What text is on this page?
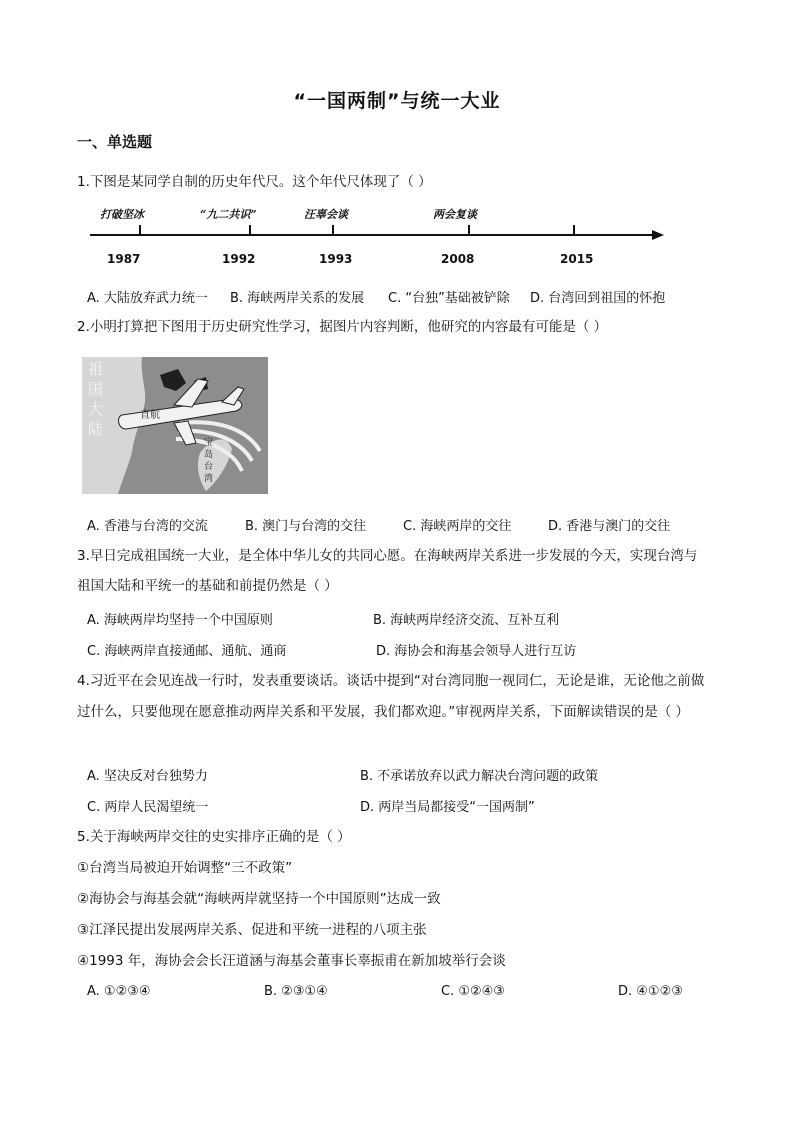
“一国两制”与统一大业
一、单选题
1.下图是某同学自制的历史年代尺。这个年代尺体现了（ ）
打破坚冰	“九二共识”	汪辜会谈	两会复谈
1987	1992	1993	2008	2015
A. 大陆放弃武力统一 B. 海峡两岸关系的发展 C. “台独”基础被铲除 D. 台湾回到祖国的怀抱
2.小明打算把下图用于历史研究性学习，据图片内容判断，他研究的内容最有可能是（ ）
祖
国
大
陆
直航
宝
岛
台
湾
A. 香港与台湾的交流	B. 澳门与台湾的交往	C. 海峡两岸的交往	D. 香港与澳门的交往
3.早日完成祖国统一大业，是全体中华儿女的共同心愿。在海峡两岸关系进一步发展的今天，实现台湾与
祖国大陆和平统一的基础和前提仍然是（ ）
A. 海峡两岸均坚持一个中国原则	B. 海峡两岸经济交流、互补互利
C. 海峡两岸直接通邮、通航、通商	D. 海协会和海基会领导人进行互访
4.习近平在会见连战一行时，发表重要谈话。谈话中提到“对台湾同胞一视同仁，无论是谁，无论他之前做
过什么，只要他现在愿意推动两岸关系和平发展，我们都欢迎。”审视两岸关系，下面解读错误的是（ ）
A. 坚决反对台独势力	B. 不承诺放弃以武力解决台湾问题的政策
C. 两岸人民渴望统一	D. 两岸当局都接受“一国两制”
5.关于海峡两岸交往的史实排序正确的是（ ）
①台湾当局被迫开始调整“三不政策”
②海协会与海基会就“海峡两岸就坚持一个中国原则”达成一致
③江泽民提出发展两岸关系、促进和平统一进程的八项主张
④1993 年，海协会会长汪道涵与海基会董事长辜振甫在新加坡举行会谈
A. ①②③④	B. ②③①④	C. ①②④③	D. ④①②③
